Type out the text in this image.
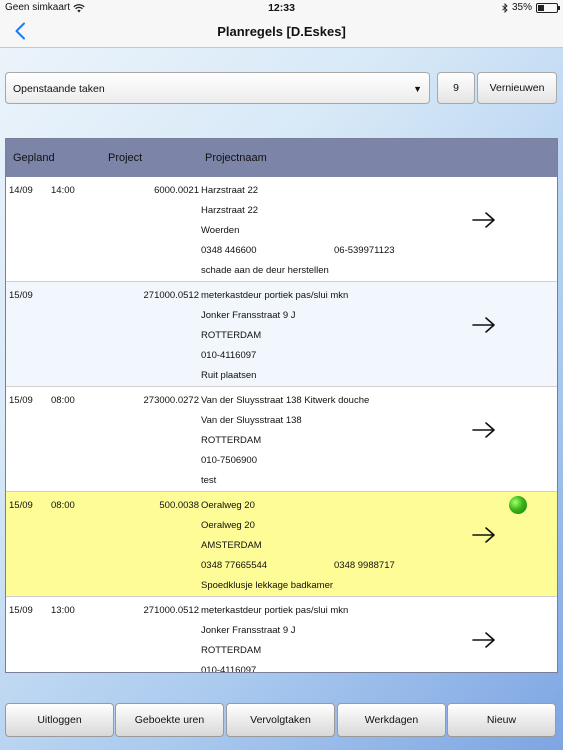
Geen simkaart	12:33	35%
Planregels [D.Eskes]
Openstaande taken	▼	9	Vernieuwen
Gepland	Project	Projectnaam
14/09 14:00	6000.0021 Harzstraat 22
Harzstraat 22
Woerden
0348 446600	06-539971123
schade aan de deur herstellen
15/09	271000.0512 meterkastdeur portiek pas/slui mkn
Jonker Fransstraat 9 J
ROTTERDAM
010-4116097
Ruit plaatsen
15/09 08:00	273000.0272 Van der Sluysstraat 138 Kitwerk douche
Van der Sluysstraat 138
ROTTERDAM
010-7506900
test
15/09 08:00	500.0038 Oeralweg 20
Oeralweg 20
AMSTERDAM
0348 77665544	0348 9988717
Spoedklusje lekkage badkamer
15/09 13:00	271000.0512 meterkastdeur portiek pas/slui mkn
Jonker Fransstraat 9 J
ROTTERDAM
010-4116097
Uitloggen	Geboekte uren	Vervolgtaken	Werkdagen	Nieuw
